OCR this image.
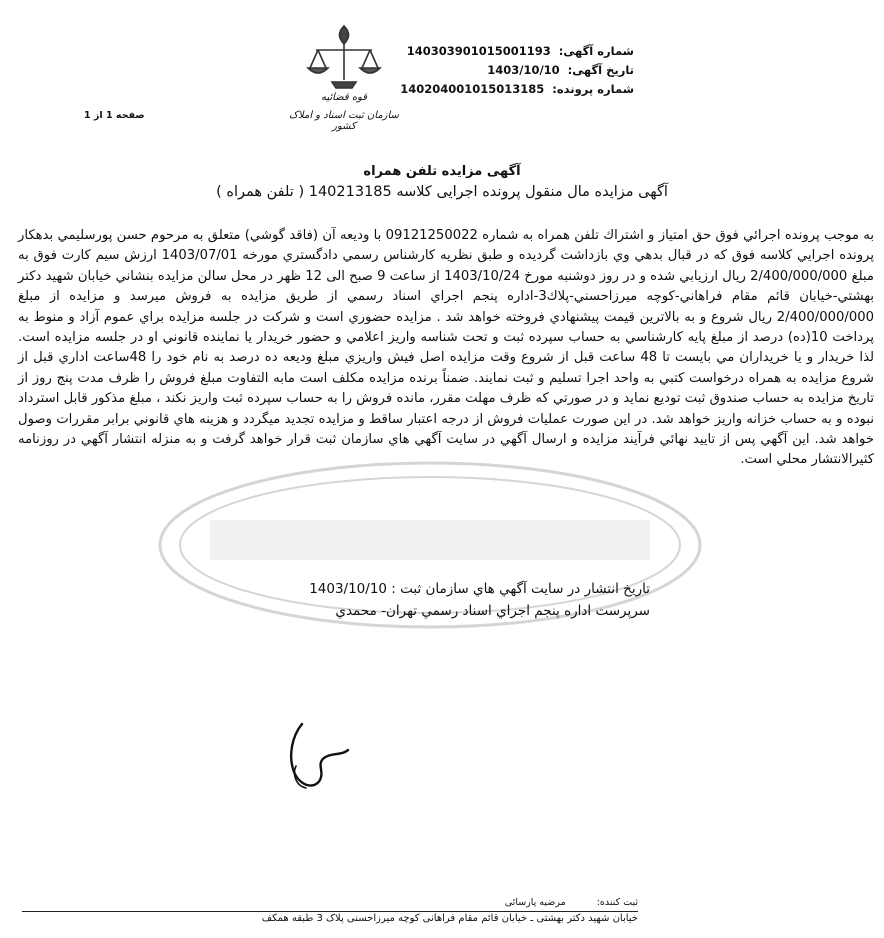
شماره آگهی: 140303901015001193
تاریخ آگهی: 1403/10/10
شماره پرونده: 140204001015013185
قوه قضائیه
سازمان ثبت اسناد و املاک کشور
صفحه 1 از 1
آگهی مزایده تلفن همراه
آگهی مزایده مال منقول پرونده اجرایی کلاسه 140213185 ( تلفن همراه )
به موجب پرونده اجرائي فوق حق امتياز و اشتراك تلفن همراه به شماره 09121250022 با وديعه آن (فاقد گوشي) متعلق به مرحوم حسن پورسليمي بدهكار پرونده اجرايي كلاسه فوق كه در قبال بدهي وي بازداشت گرديده و طبق نظريه كارشناس رسمي دادگستري مورخه 1403/07/01 ارزش سيم كارت فوق به مبلغ 2/400/000/000 ريال ارزيابي شده و در روز دوشنبه مورخ 1403/10/24 از ساعت 9 صبح الی 12 ظهر در محل سالن مزايده بنشاني خيابان شهيد دكتر بهشتي-خيابان قائم مقام فراهاني-كوچه ميرزاحسني-پلاك3-اداره پنجم اجراي اسناد رسمي از طريق مزايده به فروش ميرسد و مزايده از مبلغ 2/400/000/000 ريال شروع و به بالاترين قيمت پيشنهادي فروخته خواهد شد . مزايده حضوري است و شركت در جلسه مزايده براي عموم آزاد و منوط به پرداخت 10(ده) درصد از مبلغ پايه كارشناسي به حساب سپرده ثبت و تحت شناسه واريز اعلامي و حضور خريدار يا نماينده قانوني او در جلسه مزايده است. لذا خريدار و يا خريداران مي بايست تا 48 ساعت قبل از شروع وقت مزايده اصل فيش واريزي مبلغ وديعه ده درصد به نام خود را 48ساعت اداري قبل از شروع مزايده به همراه درخواست كتبي به واحد اجرا تسليم و ثبت نمايند. ضمناً برنده مزايده مكلف است مابه التفاوت مبلغ فروش را ظرف مدت پنج روز از تاريخ مزايده به حساب صندوق ثبت توديع نمايد و در صورتي كه ظرف مهلت مقرر، مانده فروش را به حساب سپرده ثبت واريز نكند ، مبلغ مذكور قابل استرداد نبوده و به حساب خزانه واريز خواهد شد. در اين صورت عمليات فروش از درجه اعتبار ساقط و مزايده تجديد ميگردد و هزينه هاي قانوني برابر مقررات وصول خواهد شد. اين آگهي پس از تاييد نهائي فرآيند مزايده و ارسال آگهي در سايت آگهي هاي سازمان ثبت قرار خواهد گرفت و به منزله انتشار آگهي در روزنامه كثيرالانتشار محلي است.
تاريخ انتشار در سايت آگهي هاي سازمان ثبت : 1403/10/10
سرپرست اداره پنجم اجراي اسناد رسمي تهران- محمدي
ثبت کننده: مرضیه پارسائی
خیابان شهید دکتر بهشتی ـ خیابان قائم مقام فراهانی کوچه میرزاحسنی پلاک 3 طبقه همکف
